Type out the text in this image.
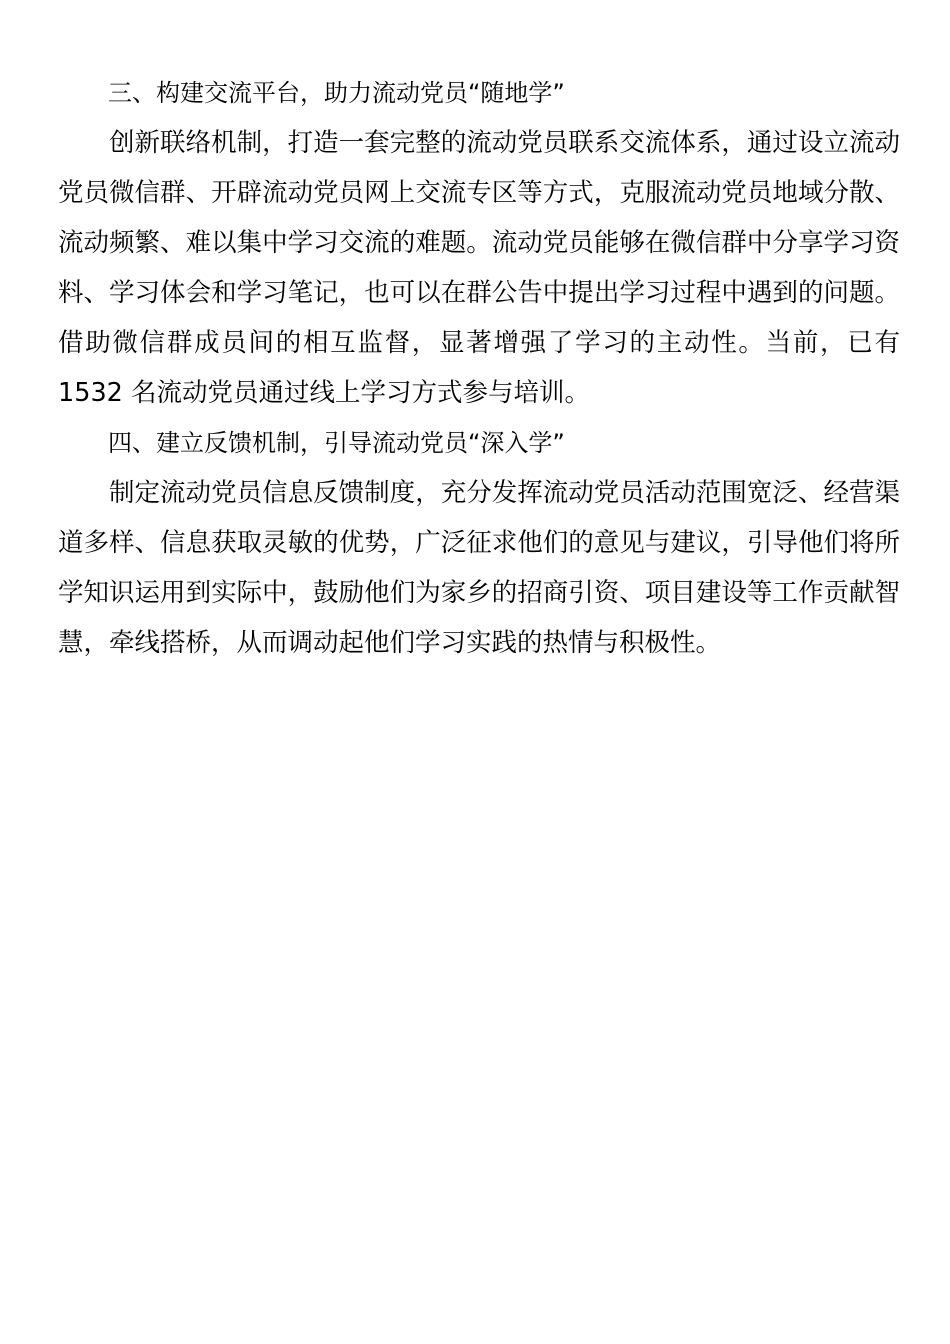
三、构建交流平台，助力流动党员“随地学”

创新联络机制，打造一套完整的流动党员联系交流体系，通过设立流动党员微信群、开辟流动党员网上交流专区等方式，克服流动党员地域分散、流动频繁、难以集中学习交流的难题。流动党员能够在微信群中分享学习资料、学习体会和学习笔记，也可以在群公告中提出学习过程中遇到的问题。借助微信群成员间的相互监督，显著增强了学习的主动性。当前，已有 1532 名流动党员通过线上学习方式参与培训。

四、建立反馈机制，引导流动党员“深入学”

制定流动党员信息反馈制度，充分发挥流动党员活动范围宽泛、经营渠道多样、信息获取灵敏的优势，广泛征求他们的意见与建议，引导他们将所学知识运用到实际中，鼓励他们为家乡的招商引资、项目建设等工作贡献智慧，牵线搭桥，从而调动起他们学习实践的热情与积极性。
